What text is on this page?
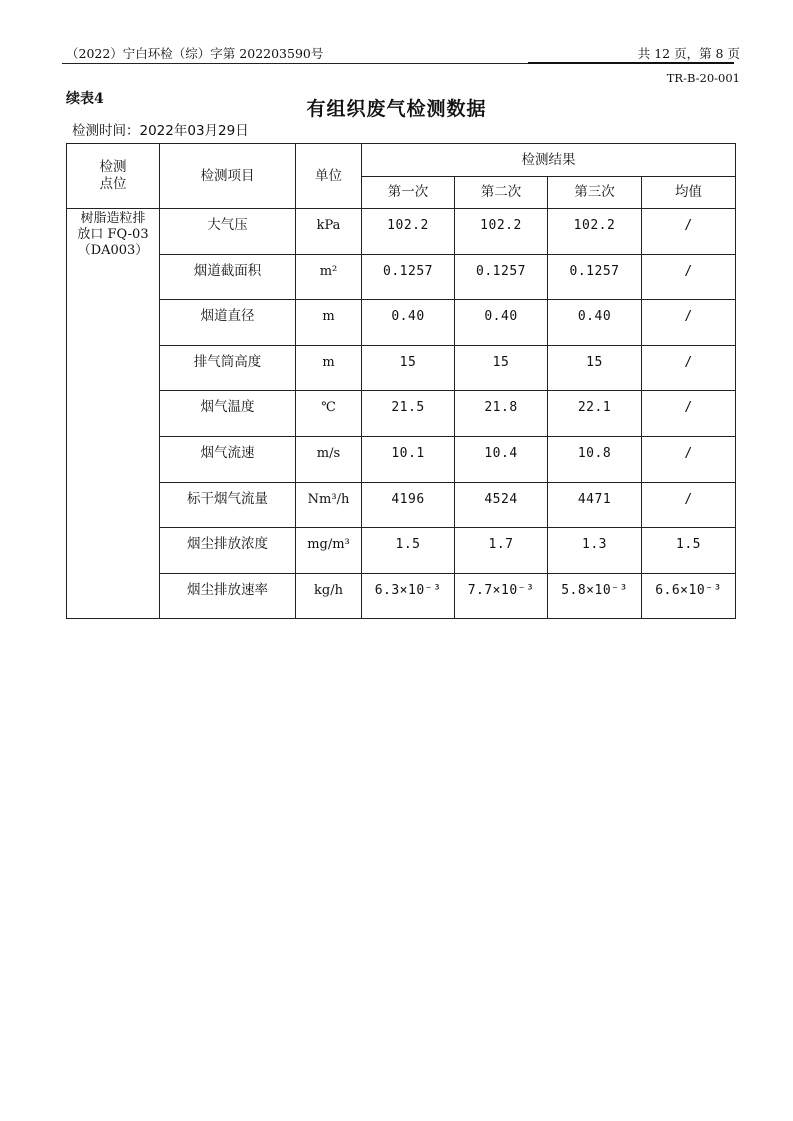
（2022）宁白环检（综）字第 202203590号	共 12 页，第 8 页
TR-B-20-001
续表4	有组织废气检测数据
检测时间：2022年03月29日
检测
点位	检测项目	单位	检测结果			
			第一次	第二次	第三次	均值

树脂造粒排
放口 FQ-03
（DA003）	大气压	kPa	102.2	102.2	102.2	/
	烟道截面积	m²	0.1257	0.1257	0.1257	/
	烟道直径	m	0.40	0.40	0.40	/
	排气筒高度	m	15	15	15	/
	烟气温度	℃	21.5	21.8	22.1	/
	烟气流速	m/s	10.1	10.4	10.8	/
	标干烟气流量	Nm³/h	4196	4524	4471	/
	烟尘排放浓度	mg/m³	1.5	1.7	1.3	1.5
	烟尘排放速率	kg/h	6.3×10⁻³	7.7×10⁻³	5.8×10⁻³	6.6×10⁻³
